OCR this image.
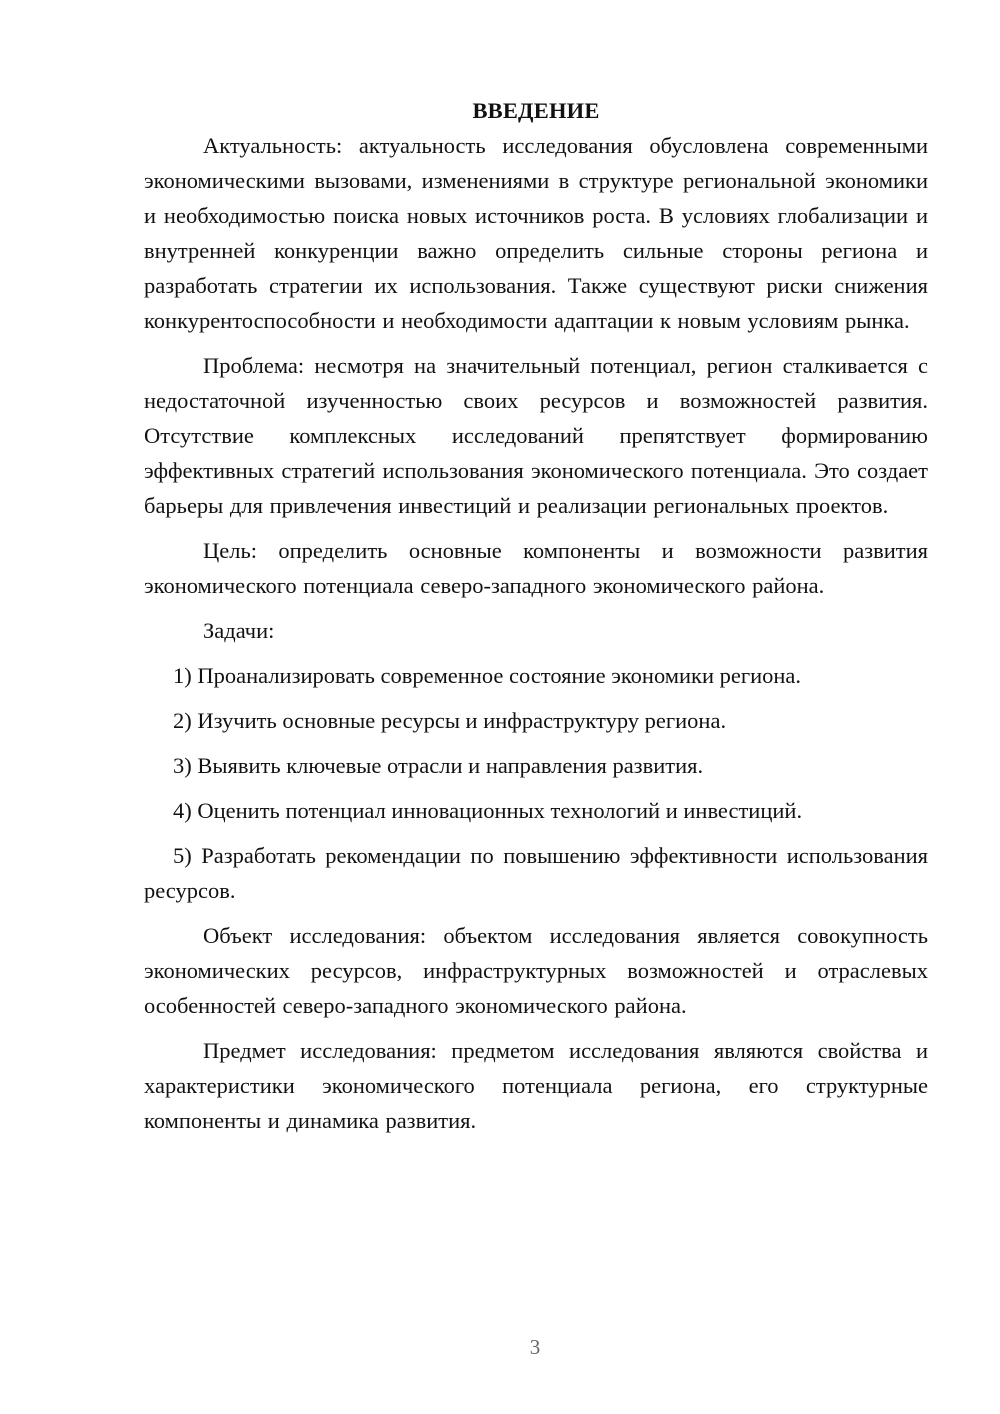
ВВЕДЕНИЕ

Актуальность: актуальность исследования обусловлена современными экономическими вызовами, изменениями в структуре региональной экономики и необходимостью поиска новых источников роста. В условиях глобализации и внутренней конкуренции важно определить сильные стороны региона и разработать стратегии их использования. Также существуют риски снижения конкурентоспособности и необходимости адаптации к новым условиям рынка.

Проблема: несмотря на значительный потенциал, регион сталкивается с недостаточной изученностью своих ресурсов и возможностей развития. Отсутствие комплексных исследований препятствует формированию эффективных стратегий использования экономического потенциала. Это создает барьеры для привлечения инвестиций и реализации региональных проектов.

Цель: определить основные компоненты и возможности развития экономического потенциала северо-западного экономического района.

Задачи:

1) Проанализировать современное состояние экономики региона.

2) Изучить основные ресурсы и инфраструктуру региона.

3) Выявить ключевые отрасли и направления развития.

4) Оценить потенциал инновационных технологий и инвестиций.

5) Разработать рекомендации по повышению эффективности использования ресурсов.

Объект исследования: объектом исследования является совокупность экономических ресурсов, инфраструктурных возможностей и отраслевых особенностей северо-западного экономического района.

Предмет исследования: предметом исследования являются свойства и характеристики экономического потенциала региона, его структурные компоненты и динамика развития.

3
